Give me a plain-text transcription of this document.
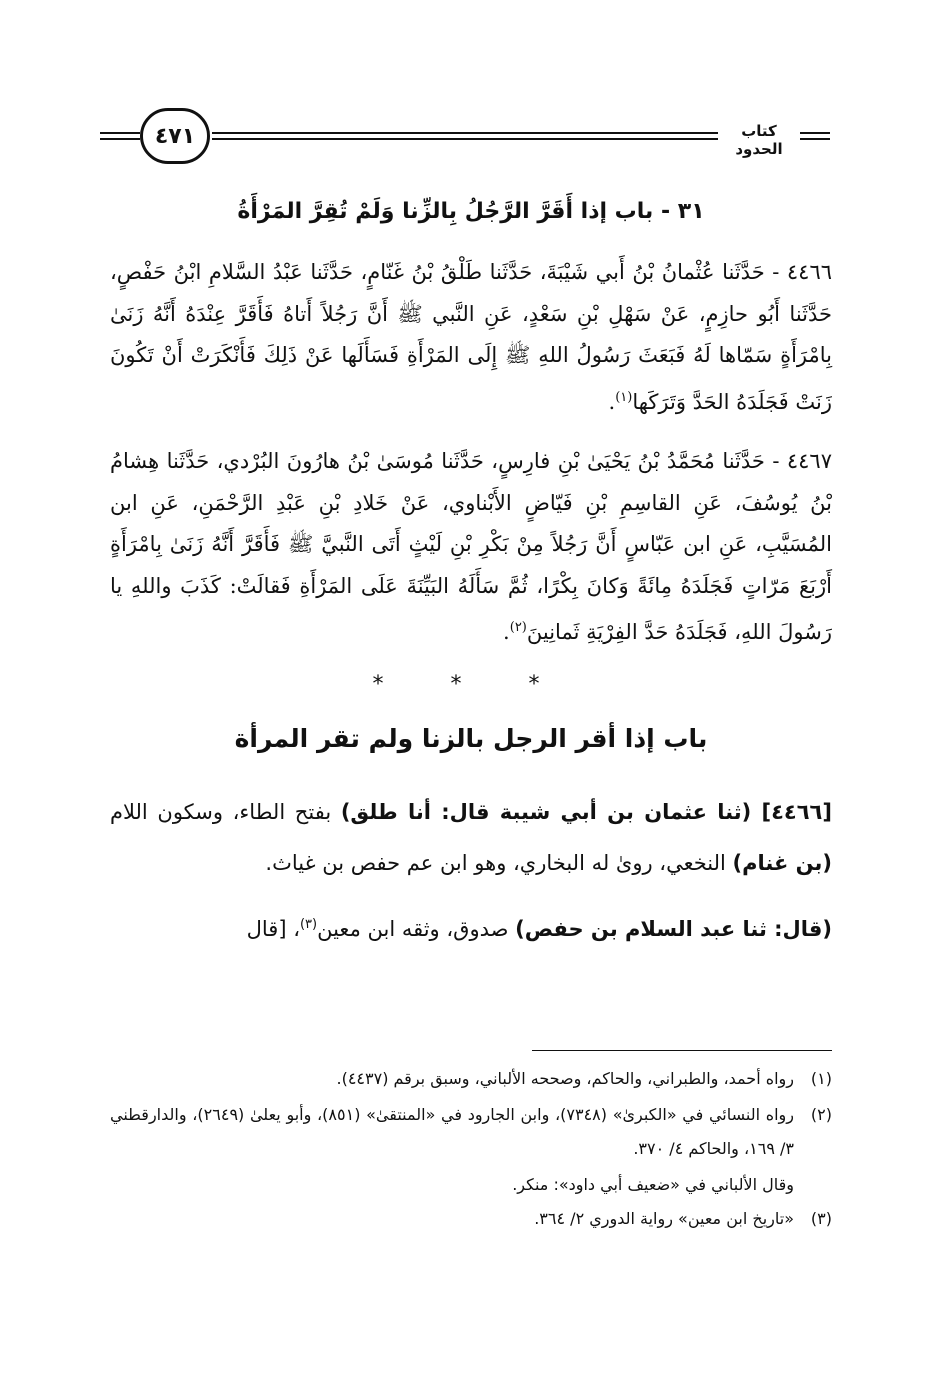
٤٧١	كتاب الحدود
٣١ - باب إذا أَقَرَّ الرَّجُلُ بِالزِّنا وَلَمْ تُقِرَّ المَرْأَةُ

٤٤٦٦ - حَدَّثَنا عُثْمانُ بْنُ أَبي شَيْبَةَ، حَدَّثَنا طَلْقُ بْنُ غَنّامٍ، حَدَّثَنا عَبْدُ السَّلامِ ابْنُ حَفْصٍ، حَدَّثَنا أَبُو حازِمٍ، عَنْ سَهْلِ بْنِ سَعْدٍ، عَنِ النَّبي ﷺ أَنَّ رَجُلاً أَتاهُ فَأَقَرَّ عِنْدَهُ أَنَّهُ زَنَىٰ بِامْرَأَةٍ سَمّاها لَهُ فَبَعَثَ رَسُولُ اللهِ ﷺ إِلَى المَرْأَةِ فَسَأَلَها عَنْ ذَلِكَ فَأَنْكَرَتْ أَنْ تَكُونَ زَنَتْ فَجَلَدَهُ الحَدَّ وَتَرَكَها$^{(١)}$.

٤٤٦٧ - حَدَّثَنا مُحَمَّدُ بْنُ يَحْيَىٰ بْنِ فارِسٍ، حَدَّثَنا مُوسَىٰ بْنُ هارُونَ البُرْدي، حَدَّثَنا هِشامُ بْنُ يُوسُفَ، عَنِ القاسِمِ بْنِ فَيّاضٍ الأَبْناوي، عَنْ خَلادِ بْنِ عَبْدِ الرَّحْمَنِ، عَنِ ابن المُسَيَّبِ، عَنِ ابن عَبّاسٍ أَنَّ رَجُلاً مِنْ بَكْرِ بْنِ لَيْثٍ أَتَى النَّبيَّ ﷺ فَأَقَرَّ أَنَّهُ زَنَىٰ بِامْرَأَةٍ أَرْبَعَ مَرّاتٍ فَجَلَدَهُ مِائَةً وَكانَ بِكْرًا، ثُمَّ سَأَلَهُ البَيِّنَةَ عَلَى المَرْأَةِ فَقالَتْ: كَذَبَ واللهِ يا رَسُولَ اللهِ، فَجَلَدَهُ حَدَّ الفِرْيَةِ ثَمانِينَ$^{(٢)}$.

* * *
باب إذا أقر الرجل بالزنا ولم تقر المرأة

[٤٤٦٦] (ثنا عثمان بن أبي شيبة قال: أنا طلق) بفتح الطاء، وسكون اللام (بن غنام) النخعي، روىٰ له البخاري، وهو ابن عم حفص بن غياث.

(قال: ثنا عبد السلام بن حفص) صدوق، وثقه ابن معين$^{(٣)}$، [قال

(١)
رواه أحمد، والطبراني، والحاكم، وصححه الألباني، وسبق برقم (٤٤٣٧).
(٢)
رواه النسائي في «الكبرىٰ» (٧٣٤٨)، وابن الجارود في «المنتقىٰ» (٨٥١)، وأبو يعلىٰ (٢٦٤٩)، والدارقطني ٣/ ١٦٩، والحاكم ٤/ ٣٧٠.
وقال الألباني في «ضعيف أبي داود»: منكر.
(٣)
«تاريخ ابن معين» رواية الدوري ٢/ ٣٦٤.
